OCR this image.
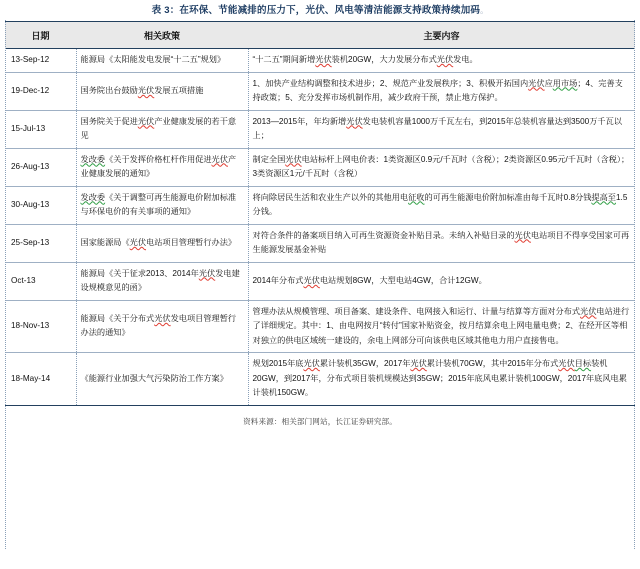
表 3：在环保、节能减排的压力下，光伏、风电等清洁能源支持政策持续加码。
日期	相关政策	主要内容
13-Sep-12	能源局《太阳能发电发展“十二五”规划》	“十二五”期间新增光伏装机20GW，大力发展分布式光伏发电。
19-Dec-12	国务院出台鼓励光伏发展五项措施	1、加快产业结构调整和技术进步；2、规范产业发展秩序；3、积极开拓国内光伏应用市场；4、完善支持政策；5、充分发挥市场机制作用，减少政府干预，禁止地方保护。
15-Jul-13	国务院关于促进光伏产业健康发展的若干意见	2013—2015年，年均新增光伏发电装机容量1000万千瓦左右，到2015年总装机容量达到3500万千瓦以上；
26-Aug-13	发改委《关于发挥价格杠杆作用促进光伏产业健康发展的通知》	制定全国光伏电站标杆上网电价表：1类资源区0.9元/千瓦时（含税）；2类资源区0.95元/千瓦时（含税）；3类资源区1元/千瓦时（含税）
30-Aug-13	发改委《关于调整可再生能源电价附加标准与环保电价的有关事项的通知》	将向除居民生活和农业生产以外的其他用电征收的可再生能源电价附加标准由每千瓦时0.8分钱提高至1.5分钱。
25-Sep-13	国家能源局《光伏电站项目管理暂行办法》	对符合条件的备案项目纳入可再生资源资金补贴目录。未纳入补贴目录的光伏电站项目不得享受国家可再生能源发展基金补贴
Oct-13	能源局《关于征求2013、2014年光伏发电建设规模意见的函》	2014年分布式光伏电站规划8GW，大型电站4GW，合计12GW。
18-Nov-13	能源局《关于分布式光伏发电项目管理暂行办法的通知》	管理办法从规模管理、项目备案、建设条件、电网接入和运行、计量与结算等方面对分布式光伏电站进行了详细规定。其中：1、由电网按月“转付”国家补贴资金，按月结算余电上网电量电费；2、在经开区等相对独立的供电区域统一建设的，余电上网部分可向该供电区域其他电力用户直接售电。
18-May-14	《能源行业加强大气污染防治工作方案》	规划2015年底光伏累计装机35GW，2017年光伏累计装机70GW，其中2015年分布式光伏目标装机20GW，到2017年，分布式项目装机规模达到35GW；2015年底风电累计装机100GW，2017年底风电累计装机150GW。
资料来源：相关部门网站，长江证券研究部。
